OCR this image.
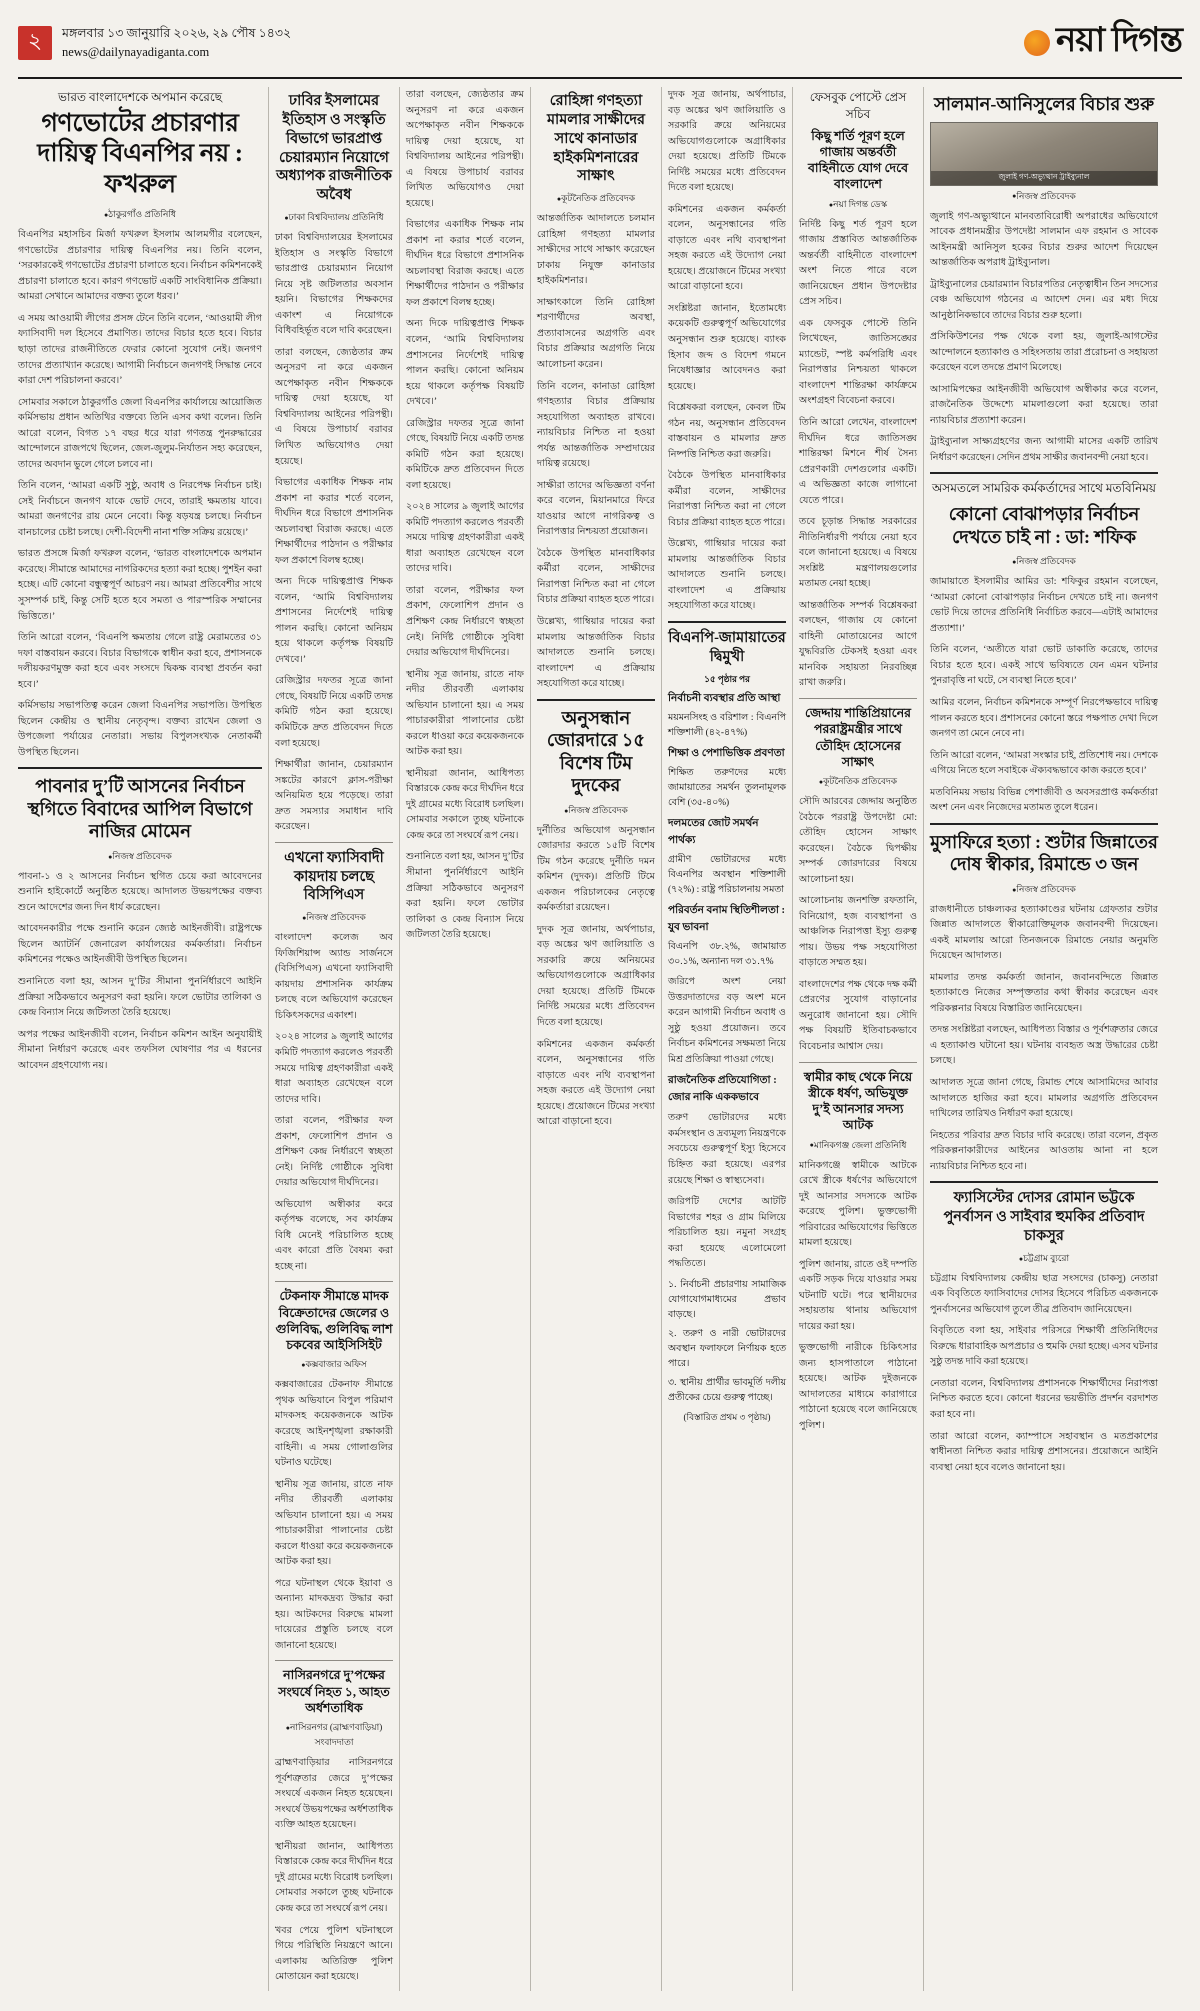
২	মঙ্গলবার ১৩ জানুয়ারি ২০২৬, ২৯ পৌষ ১৪৩২
news@dailynayadiganta.com	নয়া দিগন্ত
ভারত বাংলাদেশকে অপমান করেছে
গণভোটের প্রচারণার দায়িত্ব বিএনপির নয় : ফখরুল
● ঠাকুরগাঁও প্রতিনিধি

বিএনপির মহাসচিব মির্জা ফখরুল ইসলাম আলমগীর বলেছেন, গণভোটের প্রচারণার দায়িত্ব বিএনপির নয়। তিনি বলেন, ‘সরকারকেই গণভোটের প্রচারণা চালাতে হবে। নির্বাচন কমিশনকেই প্রচারণা চালাতে হবে। কারণ গণভোট একটি সাংবিধানিক প্রক্রিয়া। আমরা সেখানে আমাদের বক্তব্য তুলে ধরব।’

এ সময় আওয়ামী লীগের প্রসঙ্গ টেনে তিনি বলেন, ‘আওয়ামী লীগ ফ্যাসিবাদী দল হিসেবে প্রমাণিত। তাদের বিচার হতে হবে। বিচার ছাড়া তাদের রাজনীতিতে ফেরার কোনো সুযোগ নেই। জনগণ তাদের প্রত্যাখ্যান করেছে। আগামী নির্বাচনে জনগণই সিদ্ধান্ত নেবে কারা দেশ পরিচালনা করবে।’

সোমবার সকালে ঠাকুরগাঁও জেলা বিএনপির কার্যালয়ে আয়োজিত কর্মিসভায় প্রধান অতিথির বক্তব্যে তিনি এসব কথা বলেন। তিনি আরো বলেন, বিগত ১৭ বছর ধরে যারা গণতন্ত্র পুনরুদ্ধারের আন্দোলনে রাজপথে ছিলেন, জেল-জুলুম-নির্যাতন সহ্য করেছেন, তাদের অবদান ভুলে গেলে চলবে না।

তিনি বলেন, ‘আমরা একটি সুষ্ঠু, অবাধ ও নিরপেক্ষ নির্বাচন চাই। সেই নির্বাচনে জনগণ যাকে ভোট দেবে, তারাই ক্ষমতায় যাবে। আমরা জনগণের রায় মেনে নেবো। কিন্তু ষড়যন্ত্র চলছে। নির্বাচন বানচালের চেষ্টা চলছে। দেশী-বিদেশী নানা শক্তি সক্রিয় রয়েছে।’

ভারত প্রসঙ্গে মির্জা ফখরুল বলেন, ‘ভারত বাংলাদেশকে অপমান করেছে। সীমান্তে আমাদের নাগরিকদের হত্যা করা হচ্ছে। পুশইন করা হচ্ছে। এটি কোনো বন্ধুত্বপূর্ণ আচরণ নয়। আমরা প্রতিবেশীর সাথে সুসম্পর্ক চাই, কিন্তু সেটি হতে হবে সমতা ও পারস্পরিক সম্মানের ভিত্তিতে।’

তিনি আরো বলেন, ‘বিএনপি ক্ষমতায় গেলে রাষ্ট্র মেরামতের ৩১ দফা বাস্তবায়ন করবে। বিচার বিভাগকে স্বাধীন করা হবে, প্রশাসনকে দলীয়করণমুক্ত করা হবে এবং সংসদে দ্বিকক্ষ ব্যবস্থা প্রবর্তন করা হবে।’

কর্মিসভায় সভাপতিত্ব করেন জেলা বিএনপির সভাপতি। উপস্থিত ছিলেন কেন্দ্রীয় ও স্থানীয় নেতৃবৃন্দ। বক্তব্য রাখেন জেলা ও উপজেলা পর্যায়ের নেতারা। সভায় বিপুলসংখ্যক নেতাকর্মী উপস্থিত ছিলেন।

পাবনার দু’টি আসনের নির্বাচন স্থগিতে বিবাদের আপিল বিভাগে নাজির মোমেন
● নিজস্ব প্রতিবেদক

পাবনা-১ ও ২ আসনের নির্বাচন স্থগিত চেয়ে করা আবেদনের শুনানি হাইকোর্টে অনুষ্ঠিত হয়েছে। আদালত উভয়পক্ষের বক্তব্য শুনে আদেশের জন্য দিন ধার্য করেছেন।

আবেদনকারীর পক্ষে শুনানি করেন জ্যেষ্ঠ আইনজীবী। রাষ্ট্রপক্ষে ছিলেন অ্যাটর্নি জেনারেল কার্যালয়ের কর্মকর্তারা। নির্বাচন কমিশনের পক্ষেও আইনজীবী উপস্থিত ছিলেন।

শুনানিতে বলা হয়, আসন দু’টির সীমানা পুনর্নির্ধারণে আইনি প্রক্রিয়া সঠিকভাবে অনুসরণ করা হয়নি। ফলে ভোটার তালিকা ও কেন্দ্র বিন্যাস নিয়ে জটিলতা তৈরি হয়েছে।

অপর পক্ষের আইনজীবী বলেন, নির্বাচন কমিশন আইন অনুযায়ীই সীমানা নির্ধারণ করেছে এবং তফসিল ঘোষণার পর এ ধরনের আবেদন গ্রহণযোগ্য নয়।

ঢাবির ইসলামের ইতিহাস ও সংস্কৃতি বিভাগে ভারপ্রাপ্ত চেয়ারম্যান নিয়োগে অধ্যাপক রাজনীতিক অবৈধ
● ঢাকা বিশ্ববিদ্যালয় প্রতিনিধি

ঢাকা বিশ্ববিদ্যালয়ের ইসলামের ইতিহাস ও সংস্কৃতি বিভাগে ভারপ্রাপ্ত চেয়ারম্যান নিয়োগ নিয়ে সৃষ্ট জটিলতার অবসান হয়নি। বিভাগের শিক্ষকদের একাংশ এ নিয়োগকে বিধিবহির্ভূত বলে দাবি করেছেন।

তারা বলছেন, জ্যেষ্ঠতার ক্রম অনুসরণ না করে একজন অপেক্ষাকৃত নবীন শিক্ষককে দায়িত্ব দেয়া হয়েছে, যা বিশ্ববিদ্যালয় আইনের পরিপন্থী। এ বিষয়ে উপাচার্য বরাবর লিখিত অভিযোগও দেয়া হয়েছে।

বিভাগের একাধিক শিক্ষক নাম প্রকাশ না করার শর্তে বলেন, দীর্ঘদিন ধরে বিভাগে প্রশাসনিক অচলাবস্থা বিরাজ করছে। এতে শিক্ষার্থীদের পাঠদান ও পরীক্ষার ফল প্রকাশে বিলম্ব হচ্ছে।

অন্য দিকে দায়িত্বপ্রাপ্ত শিক্ষক বলেন, ‘আমি বিশ্ববিদ্যালয় প্রশাসনের নির্দেশেই দায়িত্ব পালন করছি। কোনো অনিয়ম হয়ে থাকলে কর্তৃপক্ষ বিষয়টি দেখবে।’

রেজিস্ট্রার দফতর সূত্রে জানা গেছে, বিষয়টি নিয়ে একটি তদন্ত কমিটি গঠন করা হয়েছে। কমিটিকে দ্রুত প্রতিবেদন দিতে বলা হয়েছে।

শিক্ষার্থীরা জানান, চেয়ারম্যান সঙ্কটের কারণে ক্লাস-পরীক্ষা অনিয়মিত হয়ে পড়েছে। তারা দ্রুত সমস্যার সমাধান দাবি করেছেন।

এখনো ফ্যাসিবাদী কায়দায় চলছে বিসিপিএস
● নিজস্ব প্রতিবেদক

বাংলাদেশ কলেজ অব ফিজিশিয়ান্স অ্যান্ড সার্জনসে (বিসিপিএস) এখনো ফ্যাসিবাদী কায়দায় প্রশাসনিক কার্যক্রম চলছে বলে অভিযোগ করেছেন চিকিৎসকদের একাংশ।

২০২৪ সালের ৯ জুলাই আগের কমিটি পদত্যাগ করলেও পরবর্তী সময়ে দায়িত্ব গ্রহণকারীরা একই ধারা অব্যাহত রেখেছেন বলে তাদের দাবি।

তারা বলেন, পরীক্ষার ফল প্রকাশ, ফেলোশিপ প্রদান ও প্রশিক্ষণ কেন্দ্র নির্ধারণে স্বচ্ছতা নেই। নির্দিষ্ট গোষ্ঠীকে সুবিধা দেয়ার অভিযোগ দীর্ঘদিনের।

অভিযোগ অস্বীকার করে কর্তৃপক্ষ বলেছে, সব কার্যক্রম বিধি মেনেই পরিচালিত হচ্ছে এবং কারো প্রতি বৈষম্য করা হচ্ছে না।

টেকনাফ সীমান্তে মাদক বিক্রেতাদের জেলের ও গুলিবিদ্ধ, গুলিবিদ্ধ লাশ চকবের আইসিসিইট
● কক্সবাজার অফিস

কক্সবাজারের টেকনাফ সীমান্তে পৃথক অভিযানে বিপুল পরিমাণ মাদকসহ কয়েকজনকে আটক করেছে আইনশৃঙ্খলা রক্ষাকারী বাহিনী। এ সময় গোলাগুলির ঘটনাও ঘটেছে।

স্থানীয় সূত্র জানায়, রাতে নাফ নদীর তীরবর্তী এলাকায় অভিযান চালানো হয়। এ সময় পাচারকারীরা পালানোর চেষ্টা করলে ধাওয়া করে কয়েকজনকে আটক করা হয়।

পরে ঘটনাস্থল থেকে ইয়াবা ও অন্যান্য মাদকদ্রব্য উদ্ধার করা হয়। আটকদের বিরুদ্ধে মামলা দায়েরের প্রস্তুতি চলছে বলে জানানো হয়েছে।

নাসিরনগরে দু’পক্ষের সংঘর্ষে নিহত ১, আহত অর্ধশতাধিক
● নাসিরনগর (ব্রাহ্মণবাড়িয়া) সংবাদদাতা

ব্রাহ্মণবাড়িয়ার নাসিরনগরে পূর্বশত্রুতার জেরে দু’পক্ষের সংঘর্ষে একজন নিহত হয়েছেন। সংঘর্ষে উভয়পক্ষের অর্ধশতাধিক ব্যক্তি আহত হয়েছেন।

স্থানীয়রা জানান, আধিপত্য বিস্তারকে কেন্দ্র করে দীর্ঘদিন ধরে দুই গ্রামের মধ্যে বিরোধ চলছিল। সোমবার সকালে তুচ্ছ ঘটনাকে কেন্দ্র করে তা সংঘর্ষে রূপ নেয়।

খবর পেয়ে পুলিশ ঘটনাস্থলে গিয়ে পরিস্থিতি নিয়ন্ত্রণে আনে। এলাকায় অতিরিক্ত পুলিশ মোতায়েন করা হয়েছে।

তারা বলছেন, জ্যেষ্ঠতার ক্রম অনুসরণ না করে একজন অপেক্ষাকৃত নবীন শিক্ষককে দায়িত্ব দেয়া হয়েছে, যা বিশ্ববিদ্যালয় আইনের পরিপন্থী। এ বিষয়ে উপাচার্য বরাবর লিখিত অভিযোগও দেয়া হয়েছে।

বিভাগের একাধিক শিক্ষক নাম প্রকাশ না করার শর্তে বলেন, দীর্ঘদিন ধরে বিভাগে প্রশাসনিক অচলাবস্থা বিরাজ করছে। এতে শিক্ষার্থীদের পাঠদান ও পরীক্ষার ফল প্রকাশে বিলম্ব হচ্ছে।

অন্য দিকে দায়িত্বপ্রাপ্ত শিক্ষক বলেন, ‘আমি বিশ্ববিদ্যালয় প্রশাসনের নির্দেশেই দায়িত্ব পালন করছি। কোনো অনিয়ম হয়ে থাকলে কর্তৃপক্ষ বিষয়টি দেখবে।’

রেজিস্ট্রার দফতর সূত্রে জানা গেছে, বিষয়টি নিয়ে একটি তদন্ত কমিটি গঠন করা হয়েছে। কমিটিকে দ্রুত প্রতিবেদন দিতে বলা হয়েছে।

২০২৪ সালের ৯ জুলাই আগের কমিটি পদত্যাগ করলেও পরবর্তী সময়ে দায়িত্ব গ্রহণকারীরা একই ধারা অব্যাহত রেখেছেন বলে তাদের দাবি।

তারা বলেন, পরীক্ষার ফল প্রকাশ, ফেলোশিপ প্রদান ও প্রশিক্ষণ কেন্দ্র নির্ধারণে স্বচ্ছতা নেই। নির্দিষ্ট গোষ্ঠীকে সুবিধা দেয়ার অভিযোগ দীর্ঘদিনের।

স্থানীয় সূত্র জানায়, রাতে নাফ নদীর তীরবর্তী এলাকায় অভিযান চালানো হয়। এ সময় পাচারকারীরা পালানোর চেষ্টা করলে ধাওয়া করে কয়েকজনকে আটক করা হয়।

স্থানীয়রা জানান, আধিপত্য বিস্তারকে কেন্দ্র করে দীর্ঘদিন ধরে দুই গ্রামের মধ্যে বিরোধ চলছিল। সোমবার সকালে তুচ্ছ ঘটনাকে কেন্দ্র করে তা সংঘর্ষে রূপ নেয়।

শুনানিতে বলা হয়, আসন দু’টির সীমানা পুনর্নির্ধারণে আইনি প্রক্রিয়া সঠিকভাবে অনুসরণ করা হয়নি। ফলে ভোটার তালিকা ও কেন্দ্র বিন্যাস নিয়ে জটিলতা তৈরি হয়েছে।

রোহিঙ্গা গণহত্যা মামলার সাক্ষীদের সাথে কানাডার হাইকমিশনারের সাক্ষাৎ
● কূটনৈতিক প্রতিবেদক

আন্তর্জাতিক আদালতে চলমান রোহিঙ্গা গণহত্যা মামলার সাক্ষীদের সাথে সাক্ষাৎ করেছেন ঢাকায় নিযুক্ত কানাডার হাইকমিশনার।

সাক্ষাৎকালে তিনি রোহিঙ্গা শরণার্থীদের অবস্থা, প্রত্যাবাসনের অগ্রগতি এবং বিচার প্রক্রিয়ার অগ্রগতি নিয়ে আলোচনা করেন।

তিনি বলেন, কানাডা রোহিঙ্গা গণহত্যার বিচার প্রক্রিয়ায় সহযোগিতা অব্যাহত রাখবে। ন্যায়বিচার নিশ্চিত না হওয়া পর্যন্ত আন্তর্জাতিক সম্প্রদায়ের দায়িত্ব রয়েছে।

সাক্ষীরা তাদের অভিজ্ঞতা বর্ণনা করে বলেন, মিয়ানমারে ফিরে যাওয়ার আগে নাগরিকত্ব ও নিরাপত্তার নিশ্চয়তা প্রয়োজন।

বৈঠকে উপস্থিত মানবাধিকার কর্মীরা বলেন, সাক্ষীদের নিরাপত্তা নিশ্চিত করা না গেলে বিচার প্রক্রিয়া ব্যাহত হতে পারে।

উল্লেখ্য, গাম্বিয়ার দায়ের করা মামলায় আন্তর্জাতিক বিচার আদালতে শুনানি চলছে। বাংলাদেশ এ প্রক্রিয়ায় সহযোগিতা করে যাচ্ছে।

অনুসন্ধান জোরদারে ১৫ বিশেষ টিম দুদকের
● নিজস্ব প্রতিবেদক

দুর্নীতির অভিযোগ অনুসন্ধান জোরদার করতে ১৫টি বিশেষ টিম গঠন করেছে দুর্নীতি দমন কমিশন (দুদক)। প্রতিটি টিমে একজন পরিচালকের নেতৃত্বে কর্মকর্তারা রয়েছেন।

দুদক সূত্র জানায়, অর্থপাচার, বড় অঙ্কের ঋণ জালিয়াতি ও সরকারি ক্রয়ে অনিয়মের অভিযোগগুলোকে অগ্রাধিকার দেয়া হয়েছে। প্রতিটি টিমকে নির্দিষ্ট সময়ের মধ্যে প্রতিবেদন দিতে বলা হয়েছে।

কমিশনের একজন কর্মকর্তা বলেন, অনুসন্ধানের গতি বাড়াতে এবং নথি ব্যবস্থাপনা সহজ করতে এই উদ্যোগ নেয়া হয়েছে। প্রয়োজনে টিমের সংখ্যা আরো বাড়ানো হবে।

দুদক সূত্র জানায়, অর্থপাচার, বড় অঙ্কের ঋণ জালিয়াতি ও সরকারি ক্রয়ে অনিয়মের অভিযোগগুলোকে অগ্রাধিকার দেয়া হয়েছে। প্রতিটি টিমকে নির্দিষ্ট সময়ের মধ্যে প্রতিবেদন দিতে বলা হয়েছে।

কমিশনের একজন কর্মকর্তা বলেন, অনুসন্ধানের গতি বাড়াতে এবং নথি ব্যবস্থাপনা সহজ করতে এই উদ্যোগ নেয়া হয়েছে। প্রয়োজনে টিমের সংখ্যা আরো বাড়ানো হবে।

সংশ্লিষ্টরা জানান, ইতোমধ্যে কয়েকটি গুরুত্বপূর্ণ অভিযোগের অনুসন্ধান শুরু হয়েছে। ব্যাংক হিসাব জব্দ ও বিদেশ গমনে নিষেধাজ্ঞার আবেদনও করা হয়েছে।

বিশ্লেষকরা বলছেন, কেবল টিম গঠন নয়, অনুসন্ধান প্রতিবেদন বাস্তবায়ন ও মামলার দ্রুত নিষ্পত্তি নিশ্চিত করা জরুরি।

বৈঠকে উপস্থিত মানবাধিকার কর্মীরা বলেন, সাক্ষীদের নিরাপত্তা নিশ্চিত করা না গেলে বিচার প্রক্রিয়া ব্যাহত হতে পারে।

উল্লেখ্য, গাম্বিয়ার দায়ের করা মামলায় আন্তর্জাতিক বিচার আদালতে শুনানি চলছে। বাংলাদেশ এ প্রক্রিয়ায় সহযোগিতা করে যাচ্ছে।

বিএনপি-জামায়াতের দ্বিমুখী
১৫ পৃষ্ঠার পর
নির্বাচনী ব্যবস্থার প্রতি আস্থা
ময়মনসিংহ ও বরিশাল : বিএনপি শক্তিশালী (৪২-৪৭%)
শিক্ষা ও পেশাভিত্তিক প্রবণতা
শিক্ষিত তরুণদের মধ্যে জামায়াতের সমর্থন তুলনামূলক বেশি (৩৫-৪০%)
দলমতের জোট সমর্থন পার্থক্য
গ্রামীণ ভোটারদের মধ্যে বিএনপির অবস্থান শক্তিশালী (৭২%) : রাষ্ট্র পরিচালনায় সমতা
পরিবর্তন বনাম স্থিতিশীলতা : যুব ভাবনা
বিএনপি ৩৮.২%, জামায়াত ৩০.১%, অন্যান্য দল ৩১.৭%

জরিপে অংশ নেয়া উত্তরদাতাদের বড় অংশ মনে করেন আগামী নির্বাচন অবাধ ও সুষ্ঠু হওয়া প্রয়োজন। তবে নির্বাচন কমিশনের সক্ষমতা নিয়ে মিশ্র প্রতিক্রিয়া পাওয়া গেছে।

রাজনৈতিক প্রতিযোগিতা : জোর নাকি এককভাবে

তরুণ ভোটারদের মধ্যে কর্মসংস্থান ও দ্রব্যমূল্য নিয়ন্ত্রণকে সবচেয়ে গুরুত্বপূর্ণ ইস্যু হিসেবে চিহ্নিত করা হয়েছে। এরপর রয়েছে শিক্ষা ও স্বাস্থ্যসেবা।

জরিপটি দেশের আটটি বিভাগের শহর ও গ্রাম মিলিয়ে পরিচালিত হয়। নমুনা সংগ্রহ করা হয়েছে এলোমেলো পদ্ধতিতে।

১. নির্বাচনী প্রচারণায় সামাজিক যোগাযোগমাধ্যমের প্রভাব বাড়ছে।
২. তরুণ ও নারী ভোটারদের অবস্থান ফলাফলে নির্ণায়ক হতে পারে।
৩. স্থানীয় প্রার্থীর ভাবমূর্তি দলীয় প্রতীকের চেয়ে গুরুত্ব পাচ্ছে।
(বিস্তারিত প্রথম ৩ পৃষ্ঠায়)
ফেসবুক পোস্টে প্রেস সচিব
কিছু শর্তি পূরণ হলে গাজায় অন্তর্বর্তী বাহিনীতে যোগ দেবে বাংলাদেশ
● নয়া দিগন্ত ডেস্ক

নির্দিষ্ট কিছু শর্ত পূরণ হলে গাজায় প্রস্তাবিত আন্তর্জাতিক অন্তর্বর্তী বাহিনীতে বাংলাদেশ অংশ নিতে পারে বলে জানিয়েছেন প্রধান উপদেষ্টার প্রেস সচিব।

এক ফেসবুক পোস্টে তিনি লিখেছেন, জাতিসঙ্ঘের ম্যান্ডেট, স্পষ্ট কর্মপরিধি এবং নিরাপত্তার নিশ্চয়তা থাকলে বাংলাদেশ শান্তিরক্ষা কার্যক্রমে অংশগ্রহণ বিবেচনা করবে।

তিনি আরো লেখেন, বাংলাদেশ দীর্ঘদিন ধরে জাতিসঙ্ঘ শান্তিরক্ষা মিশনে শীর্ষ সৈন্য প্রেরণকারী দেশগুলোর একটি। এ অভিজ্ঞতা কাজে লাগানো যেতে পারে।

তবে চূড়ান্ত সিদ্ধান্ত সরকারের নীতিনির্ধারণী পর্যায়ে নেয়া হবে বলে জানানো হয়েছে। এ বিষয়ে সংশ্লিষ্ট মন্ত্রণালয়গুলোর মতামত নেয়া হচ্ছে।

আন্তর্জাতিক সম্পর্ক বিশ্লেষকরা বলছেন, গাজায় যে কোনো বাহিনী মোতায়েনের আগে যুদ্ধবিরতি টেকসই হওয়া এবং মানবিক সহায়তা নিরবচ্ছিন্ন রাখা জরুরি।

জেদ্দায় শান্তিপ্রিয়ানের পররাষ্ট্রমন্ত্রীর সাথে তৌহিদ হোসেনের সাক্ষাৎ
● কূটনৈতিক প্রতিবেদক

সৌদি আরবের জেদ্দায় অনুষ্ঠিত বৈঠকে পররাষ্ট্র উপদেষ্টা মো: তৌহিদ হোসেন সাক্ষাৎ করেছেন। বৈঠকে দ্বিপক্ষীয় সম্পর্ক জোরদারের বিষয়ে আলোচনা হয়।

আলোচনায় জনশক্তি রফতানি, বিনিয়োগ, হজ ব্যবস্থাপনা ও আঞ্চলিক নিরাপত্তা ইস্যু গুরুত্ব পায়। উভয় পক্ষ সহযোগিতা বাড়াতে সম্মত হয়।

বাংলাদেশের পক্ষ থেকে দক্ষ কর্মী প্রেরণের সুযোগ বাড়ানোর অনুরোধ জানানো হয়। সৌদি পক্ষ বিষয়টি ইতিবাচকভাবে বিবেচনার আশ্বাস দেয়।

স্বামীর কাছ থেকে নিয়ে স্ত্রীকে ধর্ষণ, অভিযুক্ত দু’ই আনসার সদস্য আটক
● মানিকগঞ্জ জেলা প্রতিনিধি

মানিকগঞ্জে স্বামীকে আটকে রেখে স্ত্রীকে ধর্ষণের অভিযোগে দুই আনসার সদস্যকে আটক করেছে পুলিশ। ভুক্তভোগী পরিবারের অভিযোগের ভিত্তিতে মামলা হয়েছে।

পুলিশ জানায়, রাতে ওই দম্পতি একটি সড়ক দিয়ে যাওয়ার সময় ঘটনাটি ঘটে। পরে স্থানীয়দের সহায়তায় থানায় অভিযোগ দায়ের করা হয়।

ভুক্তভোগী নারীকে চিকিৎসার জন্য হাসপাতালে পাঠানো হয়েছে। আটক দুইজনকে আদালতের মাধ্যমে কারাগারে পাঠানো হয়েছে বলে জানিয়েছে পুলিশ।

সালমান-আনিসুলের বিচার শুরু
জুলাই গণ-অভ্যুত্থান ট্রাইব্যুনাল
● নিজস্ব প্রতিবেদক

জুলাই গণ-অভ্যুত্থানে মানবতাবিরোধী অপরাধের অভিযোগে সাবেক প্রধানমন্ত্রীর উপদেষ্টা সালমান এফ রহমান ও সাবেক আইনমন্ত্রী আনিসুল হকের বিচার শুরুর আদেশ দিয়েছেন আন্তর্জাতিক অপরাধ ট্রাইব্যুনাল।

ট্রাইব্যুনালের চেয়ারম্যান বিচারপতির নেতৃত্বাধীন তিন সদস্যের বেঞ্চ অভিযোগ গঠনের এ আদেশ দেন। এর মধ্য দিয়ে আনুষ্ঠানিকভাবে তাদের বিচার শুরু হলো।

প্রসিকিউশনের পক্ষ থেকে বলা হয়, জুলাই-আগস্টের আন্দোলনে হত্যাকাণ্ড ও সহিংসতায় তারা প্ররোচনা ও সহায়তা করেছেন বলে তদন্তে প্রমাণ মিলেছে।

আসামিপক্ষের আইনজীবী অভিযোগ অস্বীকার করে বলেন, রাজনৈতিক উদ্দেশ্যে মামলাগুলো করা হয়েছে। তারা ন্যায়বিচার প্রত্যাশা করেন।

ট্রাইব্যুনাল সাক্ষ্যগ্রহণের জন্য আগামী মাসের একটি তারিখ নির্ধারণ করেছেন। সেদিন প্রথম সাক্ষীর জবানবন্দী নেয়া হবে।

অসমতলে সামরিক কর্মকর্তাদের সাথে মতবিনিময়
কোনো বোঝাপড়ার নির্বাচন দেখতে চাই না : ডা: শফিক
● নিজস্ব প্রতিবেদক

জামায়াতে ইসলামীর আমির ডা: শফিকুর রহমান বলেছেন, ‘আমরা কোনো বোঝাপড়ার নির্বাচন দেখতে চাই না। জনগণ ভোট দিয়ে তাদের প্রতিনিধি নির্বাচিত করবে—এটাই আমাদের প্রত্যাশা।’

তিনি বলেন, ‘অতীতে যারা ভোট ডাকাতি করেছে, তাদের বিচার হতে হবে। একই সাথে ভবিষ্যতে যেন এমন ঘটনার পুনরাবৃত্তি না ঘটে, সে ব্যবস্থা নিতে হবে।’

আমির বলেন, নির্বাচন কমিশনকে সম্পূর্ণ নিরপেক্ষভাবে দায়িত্ব পালন করতে হবে। প্রশাসনের কোনো স্তরে পক্ষপাত দেখা দিলে জনগণ তা মেনে নেবে না।

তিনি আরো বলেন, ‘আমরা সংস্কার চাই, প্রতিশোধ নয়। দেশকে এগিয়ে নিতে হলে সবাইকে ঐক্যবদ্ধভাবে কাজ করতে হবে।’

মতবিনিময় সভায় বিভিন্ন পেশাজীবী ও অবসরপ্রাপ্ত কর্মকর্তারা অংশ নেন এবং নিজেদের মতামত তুলে ধরেন।

মুসাফিরে হত্যা : শুটার জিন্নাতের দোষ স্বীকার, রিমান্ডে ৩ জন
● নিজস্ব প্রতিবেদক

রাজধানীতে চাঞ্চল্যকর হত্যাকাণ্ডের ঘটনায় গ্রেফতার শুটার জিন্নাত আদালতে স্বীকারোক্তিমূলক জবানবন্দী দিয়েছেন। একই মামলায় আরো তিনজনকে রিমান্ডে নেয়ার অনুমতি দিয়েছেন আদালত।

মামলার তদন্ত কর্মকর্তা জানান, জবানবন্দিতে জিন্নাত হত্যাকাণ্ডে নিজের সম্পৃক্ততার কথা স্বীকার করেছেন এবং পরিকল্পনার বিষয়ে বিস্তারিত জানিয়েছেন।

তদন্ত সংশ্লিষ্টরা বলছেন, আধিপত্য বিস্তার ও পূর্বশত্রুতার জেরে এ হত্যাকাণ্ড ঘটানো হয়। ঘটনায় ব্যবহৃত অস্ত্র উদ্ধারের চেষ্টা চলছে।

আদালত সূত্রে জানা গেছে, রিমান্ড শেষে আসামিদের আবার আদালতে হাজির করা হবে। মামলার অগ্রগতি প্রতিবেদন দাখিলের তারিখও নির্ধারণ করা হয়েছে।

নিহতের পরিবার দ্রুত বিচার দাবি করেছে। তারা বলেন, প্রকৃত পরিকল্পনাকারীদের আইনের আওতায় আনা না হলে ন্যায়বিচার নিশ্চিত হবে না।

ফ্যাসিস্টের দোসর রোমান ভট্টকে পুনর্বাসন ও সাইবার হুমকির প্রতিবাদ চাকসুর
● চট্টগ্রাম ব্যুরো

চট্টগ্রাম বিশ্ববিদ্যালয় কেন্দ্রীয় ছাত্র সংসদের (চাকসু) নেতারা এক বিবৃতিতে ফ্যাসিবাদের দোসর হিসেবে পরিচিত একজনকে পুনর্বাসনের অভিযোগ তুলে তীব্র প্রতিবাদ জানিয়েছেন।

বিবৃতিতে বলা হয়, সাইবার পরিসরে শিক্ষার্থী প্রতিনিধিদের বিরুদ্ধে ধারাবাহিক অপপ্রচার ও হুমকি দেয়া হচ্ছে। এসব ঘটনার সুষ্ঠু তদন্ত দাবি করা হয়েছে।

নেতারা বলেন, বিশ্ববিদ্যালয় প্রশাসনকে শিক্ষার্থীদের নিরাপত্তা নিশ্চিত করতে হবে। কোনো ধরনের ভয়ভীতি প্রদর্শন বরদাশত করা হবে না।

তারা আরো বলেন, ক্যাম্পাসে সহাবস্থান ও মতপ্রকাশের স্বাধীনতা নিশ্চিত করার দায়িত্ব প্রশাসনের। প্রয়োজনে আইনি ব্যবস্থা নেয়া হবে বলেও জানানো হয়।
